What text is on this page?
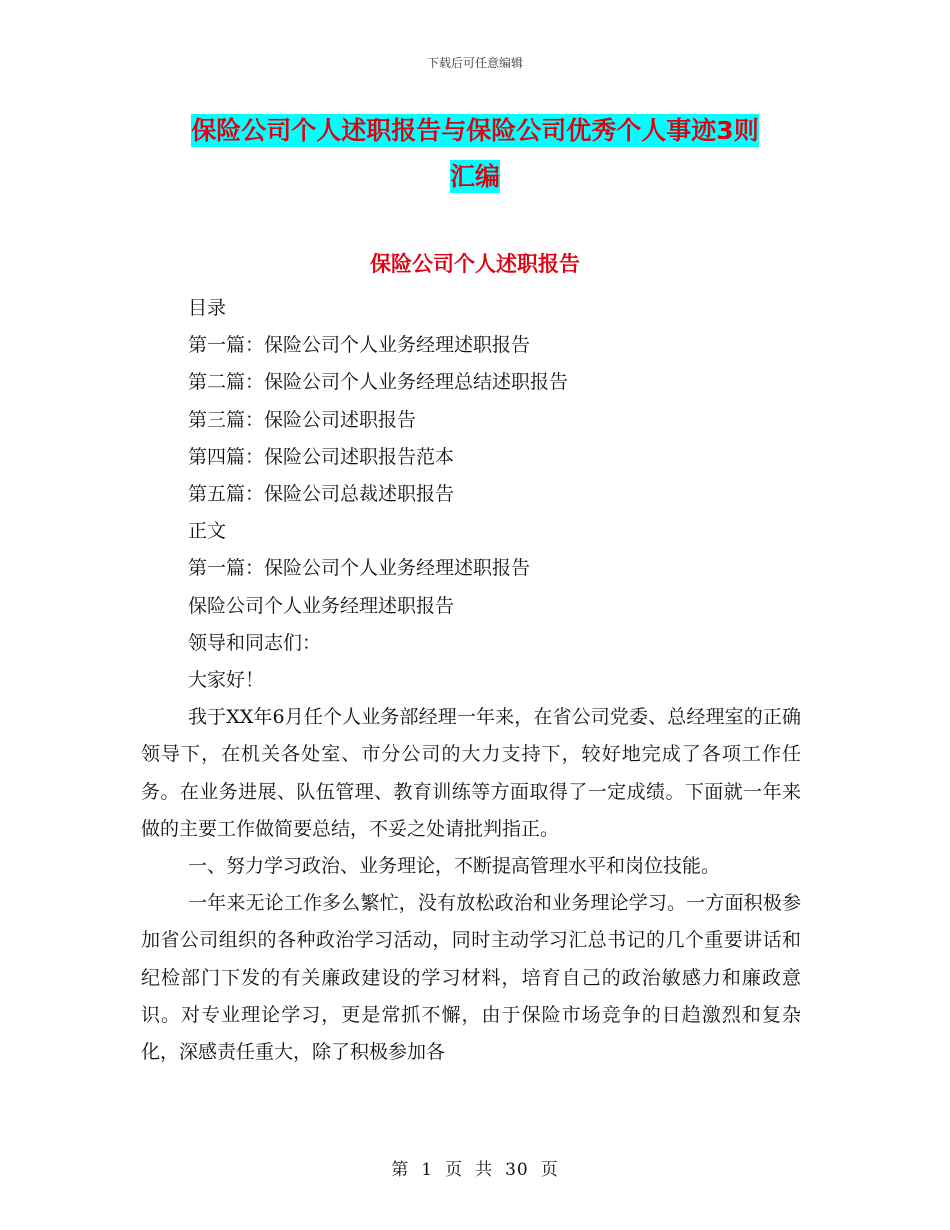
下载后可任意编辑
保险公司个人述职报告与保险公司优秀个人事迹3则
汇编
保险公司个人述职报告

目录

第一篇：保险公司个人业务经理述职报告

第二篇：保险公司个人业务经理总结述职报告

第三篇：保险公司述职报告

第四篇：保险公司述职报告范本

第五篇：保险公司总裁述职报告

正文

第一篇：保险公司个人业务经理述职报告

保险公司个人业务经理述职报告

领导和同志们：

大家好！

我于XX年6月任个人业务部经理一年来，在省公司党委、总经理室的正确领导下，在机关各处室、市分公司的大力支持下，较好地完成了各项工作任务。在业务进展、队伍管理、教育训练等方面取得了一定成绩。下面就一年来做的主要工作做简要总结，不妥之处请批判指正。

一、努力学习政治、业务理论，不断提高管理水平和岗位技能。

一年来无论工作多么繁忙，没有放松政治和业务理论学习。一方面积极参加省公司组织的各种政治学习活动，同时主动学习汇总书记的几个重要讲话和纪检部门下发的有关廉政建设的学习材料，培育自己的政治敏感力和廉政意识。对专业理论学习，更是常抓不懈，由于保险市场竞争的日趋激烈和复杂化，深感责任重大，除了积极参加各

第 1 页 共 30 页
